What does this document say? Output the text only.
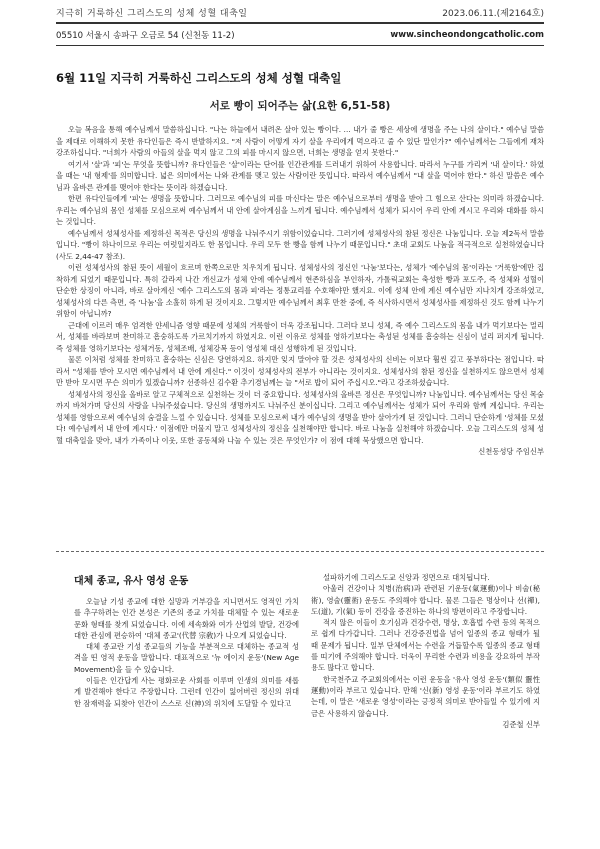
지극히 거룩하신 그리스도의 성체 성혈 대축일	2023.06.11.(제2164호)
05510 서울시 송파구 오금로 54 (신천동 11-2)	www.sincheondongcatholic.com
6월 11일 지극히 거룩하신 그리스도의 성체 성혈 대축일
서로 빵이 되어주는 삶(요한 6,51-58)

오늘 복음을 통해 예수님께서 말씀하십니다. "나는 하늘에서 내려온 살아 있는 빵이다. … 내가 줄 빵은 세상에 생명을 주는 나의 살이다." 예수님 말씀을 제대로 이해하지 못한 유다인들은 즉시 반발하지요. "저 사람이 어떻게 자기 살을 우리에게 먹으라고 줄 수 있단 말인가?" 예수님께서는 그들에게 재차 강조하십니다. "너희가 사람의 아들의 살을 먹지 않고 그의 피를 마시지 않으면, 너희는 생명을 얻지 못한다."

여기서 '살'과 '피'는 무엇을 뜻합니까? 유다인들은 '살'이라는 단어를 인간관계를 드러내기 위하여 사용합니다. 따라서 누구를 가리켜 '내 살이다.' 하였을 때는 '내 형제'를 의미합니다. 넓은 의미에서는 나와 관계를 맺고 있는 사람이란 뜻입니다. 따라서 예수님께서 "내 살을 먹어야 한다." 하신 말씀은 예수님과 올바른 관계를 맺어야 한다는 뜻이라 하겠습니다.

한편 유다인들에게 '피'는 생명을 뜻합니다. 그러므로 예수님의 피를 마신다는 말은 예수님으로부터 생명을 받아 그 힘으로 산다는 의미라 하겠습니다. 우리는 예수님의 몸인 성체를 모심으로써 예수님께서 내 안에 살아계심을 느끼게 됩니다. 예수님께서 성체가 되시어 우리 안에 계시고 우리와 대화를 하시는 것입니다.

예수님께서 성체성사를 제정하신 목적은 당신의 생명을 나눠주시기 위함이었습니다. 그러기에 성체성사의 참된 정신은 나눔입니다. 오늘 제2독서 말씀입니다. "빵이 하나이므로 우리는 여럿일지라도 한 몸입니다. 우리 모두 한 빵을 함께 나누기 때문입니다." 초대 교회도 나눔을 적극적으로 실천하였습니다(사도 2,44-47 참조).

이런 성체성사의 참된 뜻이 세월이 흐르며 한쪽으로만 치우치게 됩니다. 성체성사의 정신인 '나눔'보다는, 성체가 '예수님의 몸'이라는 '거룩함'에만 집착하게 되었기 때문입니다. 특히 갈라져 나간 개신교가 성체 안에 예수님께서 현존하심을 부인하자, 가톨릭교회는 축성한 빵과 포도주, 즉 성체와 성혈이 단순한 상징이 아니라, 바로 살아계신 '예수 그리스도의 몸과 피'라는 정통교리를 수호해야만 했지요. 이에 성체 안에 계신 예수님만 지나치게 강조하였고, 성체성사의 다른 측면, 즉 '나눔'을 소홀히 하게 된 것이지요. 그렇지만 예수님께서 최후 만찬 중에, 즉 식사하시면서 성체성사를 제정하신 것도 함께 나누기 위함이 아닙니까?

근대에 이르러 매우 엄격한 얀세니즘 영향 때문에 성체의 거룩함이 더욱 강조됩니다. 그러다 보니 성체, 즉 예수 그리스도의 몸을 내가 먹기보다는 멀리서, 성체를 바라보며 찬미하고 흠숭하도록 가르치기까지 하였지요. 이런 이유로 성체를 영하기보다는 축성된 성체를 흠숭하는 신심이 널리 퍼지게 됩니다. 즉 성체를 영하기보다는 성체거동, 성체조배, 성체강복 등이 영성체 대신 성행하게 된 것입니다.

물론 이처럼 성체를 찬미하고 흠숭하는 신심은 당연하지요. 하지만 잊지 말아야 할 것은 성체성사의 신비는 이보다 훨씬 깊고 풍부하다는 점입니다. 따라서 "성체를 받아 모시면 예수님께서 내 안에 계신다." 이것이 성체성사의 전부가 아니라는 것이지요. 성체성사의 참된 정신을 실천하지도 않으면서 성체만 받아 모시면 무슨 의미가 있겠습니까? 선종하신 김수환 추기경님께는 늘 "서로 밥이 되어 주십시오."라고 강조하셨습니다.

성체성사의 정신을 올바로 알고 구체적으로 실천하는 것이 더 중요합니다. 성체성사의 올바른 정신은 무엇입니까? 나눔입니다. 예수님께서는 당신 목숨까지 바쳐가며 당신의 사랑을 나눠주셨습니다. 당신의 생명까지도 나눠주신 분이십니다. 그리고 예수님께서는 성체가 되어 우리와 함께 계십니다. 우리는 성체를 영함으로써 예수님의 숨결을 느낄 수 있습니다. 성체를 모심으로써 내가 예수님의 생명을 받아 살아가게 된 것입니다. 그러니 단순하게 '성체를 모셨다! 예수님께서 내 안에 계시다.' 이점에만 머물지 말고 성체성사의 정신을 실천해야만 합니다. 바로 나눔을 실천해야 하겠습니다. 오늘 그리스도의 성체 성혈 대축일을 맞아, 내가 가족이나 이웃, 또한 공동체와 나눌 수 있는 것은 무엇인가? 이 점에 대해 묵상했으면 합니다.

신천동성당 주임신부
대체 종교, 유사 영성 운동

오늘날 기성 종교에 대한 실망과 거부감을 지니면서도 영적인 가치를 추구하려는 인간 본성은 기존의 종교 가치를 대체할 수 있는 새로운 문화 형태를 찾게 되었습니다. 이에 세속화와 여가 산업의 발달, 건강에 대한 관심에 편승하여 '대체 종교'(代替 宗敎)가 나오게 되었습니다.

대체 종교란 기성 종교들의 기능을 부분적으로 대체하는 종교적 성격을 띤 영적 운동을 말합니다. 대표적으로 '뉴 에이지 운동'(New Age Movement)을 들 수 있습니다.

이들은 인간답게 사는 평화로운 사회를 이루며 인생의 의미를 새롭게 발견해야 한다고 주장합니다. 그런데 인간이 잃어버린 정신의 위대한 잠재력을 되찾아 인간이 스스로 신(神)의 위치에 도달할 수 있다고

설파하기에 그리스도교 신앙과 정면으로 대치됩니다.

아울러 건강이나 치병(治病)과 관련된 기운동(氣運動)이나 비술(秘術), 영술(靈術) 운동도 주의해야 합니다. 물론 그들은 명상이나 선(禪), 도(道), 기(氣) 등이 건강을 증진하는 하나의 방편이라고 주장합니다.

적지 않은 이들이 호기심과 건강수련, 명상, 호흡법 수련 등의 목적으로 쉽게 다가갑니다. 그러나 건강증진법을 넘어 일종의 종교 형태가 될 때 문제가 됩니다. 일부 단체에서는 수련을 거듭할수록 일종의 종교 형태를 띠기에 주의해야 합니다. 더욱이 무리한 수련과 비용을 강요하여 부작용도 많다고 합니다.

한국천주교 주교회의에서는 이런 운동을 '유사 영성 운동'(類似 靈性 運動)이라 부르고 있습니다. 만해 '신(新) 영성 운동'이라 부르기도 하였는데, 이 말은 '새로운 영성'이라는 긍정적 의미로 받아들일 수 있기에 지금은 사용하지 않습니다.

김준철 신부
